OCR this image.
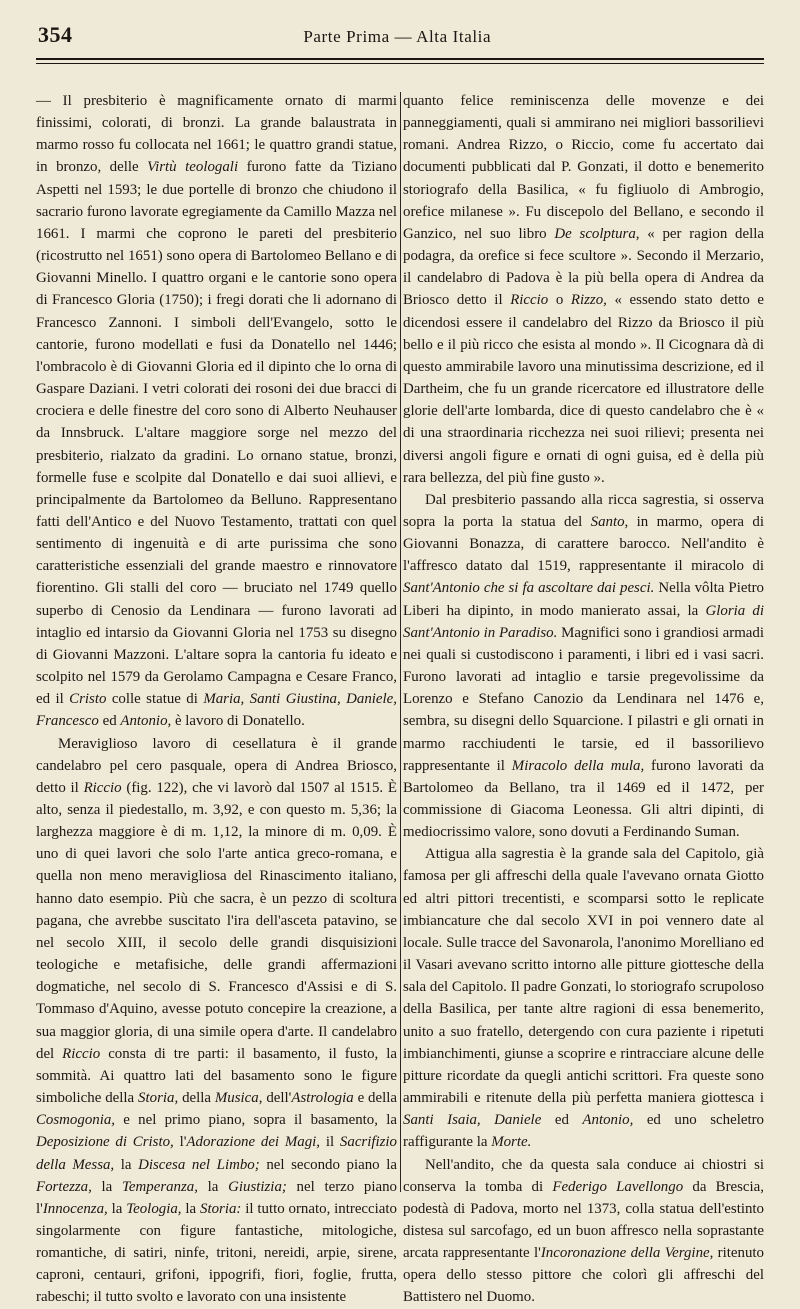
354	Parte Prima — Alta Italia

— Il presbiterio è magnificamente ornato di marmi finissimi, colorati, di bronzi. La grande balaustrata in marmo rosso fu collocata nel 1661; le quattro grandi statue, in bronzo, delle Virtù teologali furono fatte da Tiziano Aspetti nel 1593; le due portelle di bronzo che chiudono il sacrario furono lavorate egregiamente da Camillo Mazza nel 1661. I marmi che coprono le pareti del presbiterio (ricostrutto nel 1651) sono opera di Bartolomeo Bellano e di Giovanni Minello. I quattro organi e le cantorie sono opera di Francesco Gloria (1750); i fregi dorati che li adornano di Francesco Zannoni. I simboli dell'Evangelo, sotto le cantorie, furono modellati e fusi da Donatello nel 1446; l'ombracolo è di Giovanni Gloria ed il dipinto che lo orna di Gaspare Daziani. I vetri colorati dei rosoni dei due bracci di crociera e delle finestre del coro sono di Alberto Neuhauser da Innsbruck. L'altare maggiore sorge nel mezzo del presbiterio, rialzato da gradini. Lo ornano statue, bronzi, formelle fuse e scolpite dal Donatello e dai suoi allievi, e principalmente da Bartolomeo da Belluno. Rappresentano fatti dell'Antico e del Nuovo Testamento, trattati con quel sentimento di ingenuità e di arte purissima che sono caratteristiche essenziali del grande maestro e rinnovatore fiorentino. Gli stalli del coro — bruciato nel 1749 quello superbo di Cenosio da Lendinara — furono lavorati ad intaglio ed intarsio da Giovanni Gloria nel 1753 su disegno di Giovanni Mazzoni. L'altare sopra la cantoria fu ideato e scolpito nel 1579 da Gerolamo Campagna e Cesare Franco, ed il Cristo colle statue di Maria, Santi Giustina, Daniele, Francesco ed Antonio, è lavoro di Donatello.

Meraviglioso lavoro di cesellatura è il grande candelabro pel cero pasquale, opera di Andrea Briosco, detto il Riccio (fig. 122), che vi lavorò dal 1507 al 1515. È alto, senza il piedestallo, m. 3,92, e con questo m. 5,36; la larghezza maggiore è di m. 1,12, la minore di m. 0,09. È uno di quei lavori che solo l'arte antica greco-romana, e quella non meno meravigliosa del Rinascimento italiano, hanno dato esempio. Più che sacra, è un pezzo di scoltura pagana, che avrebbe suscitato l'ira dell'asceta patavino, se nel secolo XIII, il secolo delle grandi disquisizioni teologiche e metafisiche, delle grandi affermazioni dogmatiche, nel secolo di S. Francesco d'Assisi e di S. Tommaso d'Aquino, avesse potuto concepire la creazione, a sua maggior gloria, di una simile opera d'arte. Il candelabro del Riccio consta di tre parti: il basamento, il fusto, la sommità. Ai quattro lati del basamento sono le figure simboliche della Storia, della Musica, dell'Astrologia e della Cosmogonia, e nel primo piano, sopra il basamento, la Deposizione di Cristo, l'Adorazione dei Magi, il Sacrifizio della Messa, la Discesa nel Limbo; nel secondo piano la Fortezza, la Temperanza, la Giustizia; nel terzo piano l'Innocenza, la Teologia, la Storia: il tutto ornato, intrecciato singolarmente con figure fantastiche, mitologiche, romantiche, di satiri, ninfe, tritoni, nereidi, arpie, sirene, caproni, centauri, grifoni, ippogrifi, fiori, foglie, frutta, rabeschi; il tutto svolto e lavorato con una insistente

quanto felice reminiscenza delle movenze e dei panneggiamenti, quali si ammirano nei migliori bassorilievi romani. Andrea Rizzo, o Riccio, come fu accertato dai documenti pubblicati dal P. Gonzati, il dotto e benemerito storiografo della Basilica, « fu figliuolo di Ambrogio, orefice milanese ». Fu discepolo del Bellano, e secondo il Ganzico, nel suo libro De scolptura, « per ragion della podagra, da orefice si fece scultore ». Secondo il Merzario, il candelabro di Padova è la più bella opera di Andrea da Briosco detto il Riccio o Rizzo, « essendo stato detto e dicendosi essere il candelabro del Rizzo da Briosco il più bello e il più ricco che esista al mondo ». Il Cicognara dà di questo ammirabile lavoro una minutissima descrizione, ed il Dartheim, che fu un grande ricercatore ed illustratore delle glorie dell'arte lombarda, dice di questo candelabro che è « di una straordinaria ricchezza nei suoi rilievi; presenta nei diversi angoli figure e ornati di ogni guisa, ed è della più rara bellezza, del più fine gusto ».

Dal presbiterio passando alla ricca sagrestia, si osserva sopra la porta la statua del Santo, in marmo, opera di Giovanni Bonazza, di carattere barocco. Nell'andito è l'affresco datato dal 1519, rappresentante il miracolo di Sant'Antonio che si fa ascoltare dai pesci. Nella vôlta Pietro Liberi ha dipinto, in modo manierato assai, la Gloria di Sant'Antonio in Paradiso. Magnifici sono i grandiosi armadi nei quali si custodiscono i paramenti, i libri ed i vasi sacri. Furono lavorati ad intaglio e tarsie pregevolissime da Lorenzo e Stefano Canozio da Lendinara nel 1476 e, sembra, su disegni dello Squarcione. I pilastri e gli ornati in marmo racchiudenti le tarsie, ed il bassorilievo rappresentante il Miracolo della mula, furono lavorati da Bartolomeo da Bellano, tra il 1469 ed il 1472, per commissione di Giacoma Leonessa. Gli altri dipinti, di mediocrissimo valore, sono dovuti a Ferdinando Suman.

Attigua alla sagrestia è la grande sala del Capitolo, già famosa per gli affreschi della quale l'avevano ornata Giotto ed altri pittori trecentisti, e scomparsi sotto le replicate imbiancature che dal secolo XVI in poi vennero date al locale. Sulle tracce del Savonarola, l'anonimo Morelliano ed il Vasari avevano scritto intorno alle pitture giottesche della sala del Capitolo. Il padre Gonzati, lo storiografo scrupoloso della Basilica, per tante altre ragioni di essa benemerito, unito a suo fratello, detergendo con cura paziente i ripetuti imbianchimenti, giunse a scoprire e rintracciare alcune delle pitture ricordate da quegli antichi scrittori. Fra queste sono ammirabili e ritenute della più perfetta maniera giottesca i Santi Isaia, Daniele ed Antonio, ed uno scheletro raffigurante la Morte.

Nell'andito, che da questa sala conduce ai chiostri si conserva la tomba di Federigo Lavellongo da Brescia, podestà di Padova, morto nel 1373, colla statua dell'estinto distesa sul sarcofago, ed un buon affresco nella soprastante arcata rappresentante l'Incoronazione della Vergine, ritenuto opera dello stesso pittore che colorì gli affreschi del Battistero nel Duomo.
